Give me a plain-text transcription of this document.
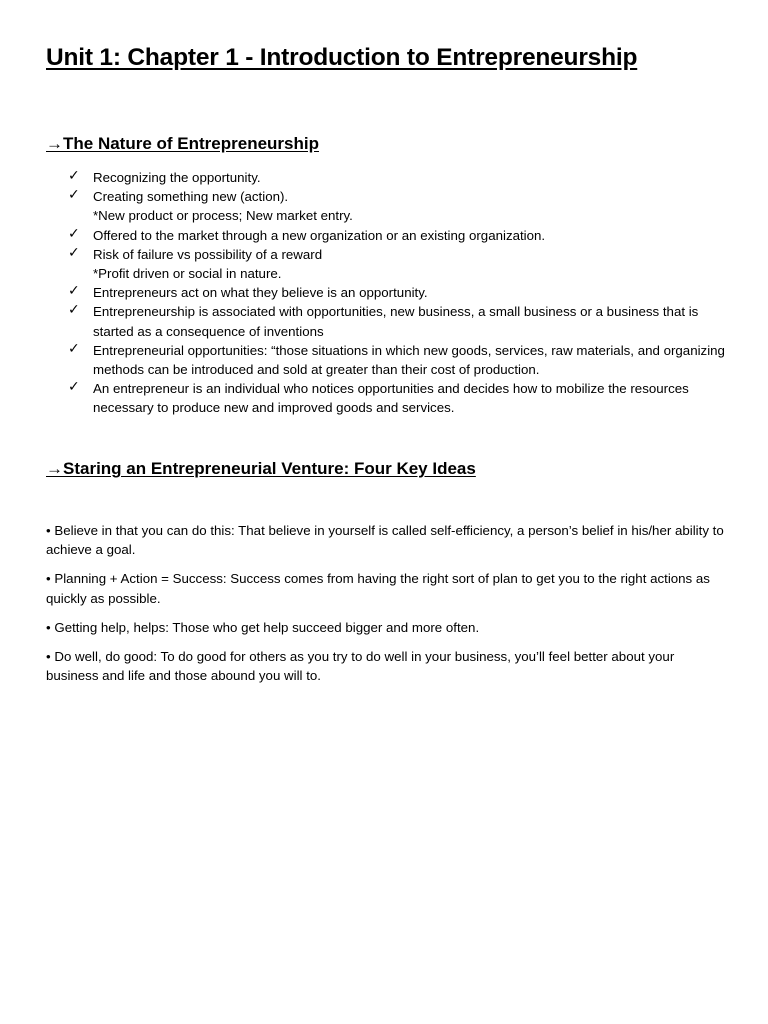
Unit 1: Chapter 1 - Introduction to Entrepreneurship
→The Nature of Entrepreneurship
✓ Recognizing the opportunity.
✓ Creating something new (action).
*New product or process; New market entry.
✓ Offered to the market through a new organization or an existing organization.
✓ Risk of failure vs possibility of a reward
*Profit driven or social in nature.
✓ Entrepreneurs act on what they believe is an opportunity.
✓ Entrepreneurship is associated with opportunities, new business, a small business or a business that is started as a consequence of inventions
✓ Entrepreneurial opportunities: “those situations in which new goods, services, raw materials, and organizing methods can be introduced and sold at greater than their cost of production.
✓ An entrepreneur is an individual who notices opportunities and decides how to mobilize the resources necessary to produce new and improved goods and services.
→Staring an Entrepreneurial Venture: Four Key Ideas
• Believe in that you can do this: That believe in yourself is called self-efficiency, a person’s belief in his/her ability to achieve a goal.
• Planning + Action = Success: Success comes from having the right sort of plan to get you to the right actions as quickly as possible.
• Getting help, helps: Those who get help succeed bigger and more often.
• Do well, do good: To do good for others as you try to do well in your business, you’ll feel better about your business and life and those abound you will to.
